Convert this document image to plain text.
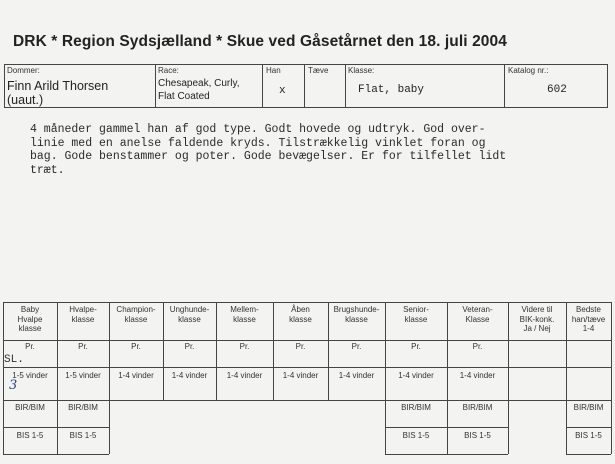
DRK * Region Sydsjælland * Skue ved Gåsetårnet den 18. juli 2004
Dommer:
Finn Arild Thorsen
(uaut.)
Race:
Chesapeak, Curly,
Flat Coated
Han
x
Tæve Klasse:
Flat, baby
Katalog nr.:
602
4 måneder gammel han af god type. Godt hovede og udtryk. God over-
linie med en anelse faldende kryds. Tilstrækkelig vinklet foran og
bag. Gode benstammer og poter. Gode bevægelser. Er for tilfellet lidt
træt.
Baby
Hvalpe
klasse
Pr.
1-5 vinder
BIR/BIM
BIS 1-5
Hvalpe-
klasse
Pr.
1-5 vinder
BIR/BIM
BIS 1-5
Champion-
klasse
Pr.
1-4 vinder
Unghunde-
klasse
Pr.
1-4 vinder
Mellem-
klasse
Pr.
1-4 vinder
Åben
klasse
Pr.
1-4 vinder
Brugshunde-
klasse
Pr.
1-4 vinder
Senior-
klasse
Pr.
1-4 vinder
BIR/BIM
BIS 1-5
Veteran-
Klasse
Pr.
1-4 vinder
BIR/BIM
BIS 1-5
Videre til
BIK-konk.
Ja / Nej
Bedste
han/tæve
1-4
BIR/BIM
BIS 1-5
SL.
3
